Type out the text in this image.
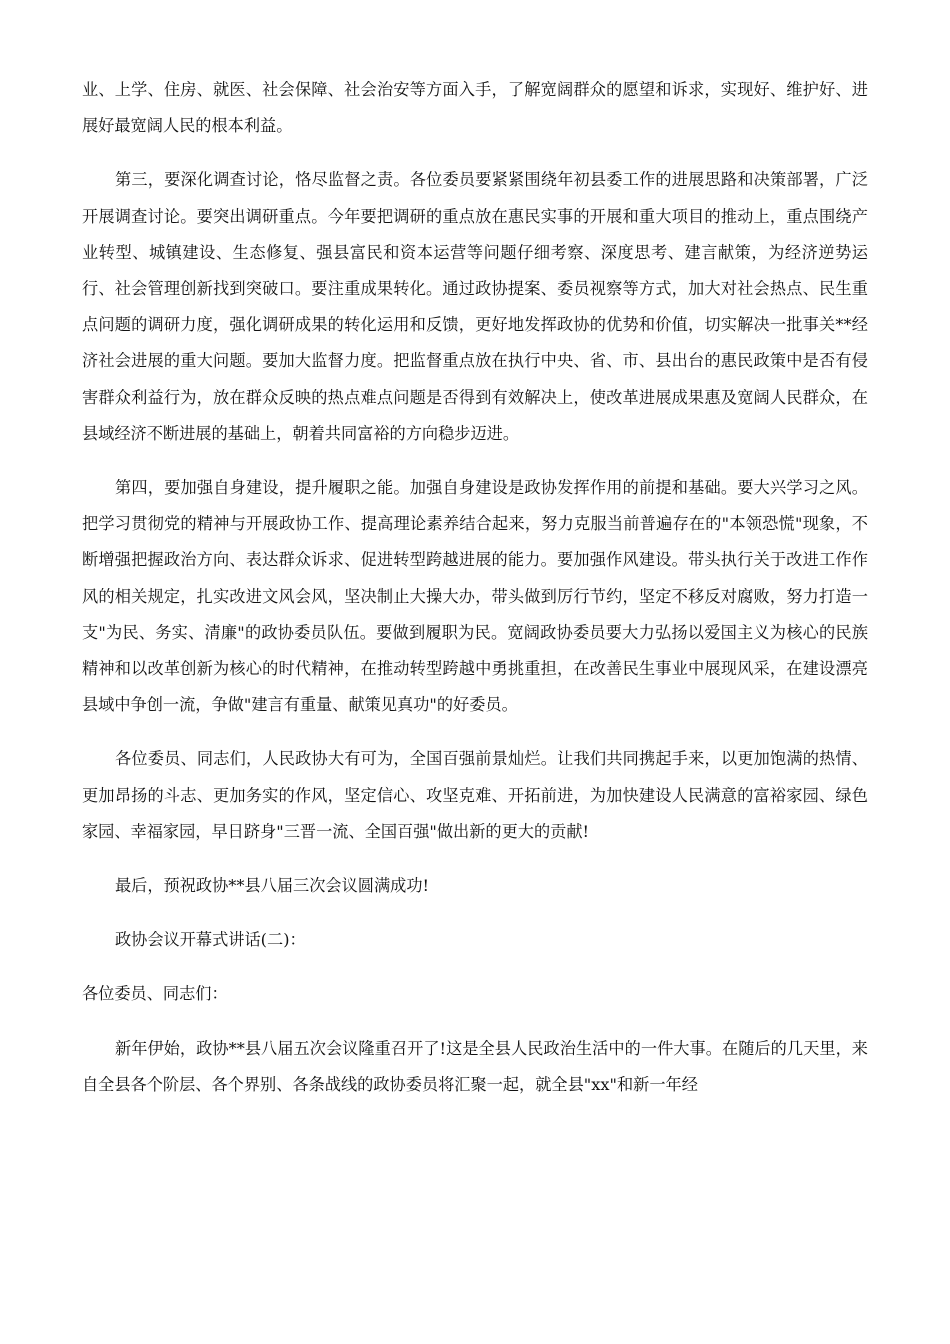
业、上学、住房、就医、社会保障、社会治安等方面入手，了解宽阔群众的愿望和诉求，实现好、维护好、进展好最宽阔人民的根本利益。

第三，要深化调查讨论，恪尽监督之责。各位委员要紧紧围绕年初县委工作的进展思路和决策部署，广泛开展调查讨论。要突出调研重点。今年要把调研的重点放在惠民实事的开展和重大项目的推动上，重点围绕产业转型、城镇建设、生态修复、强县富民和资本运营等问题仔细考察、深度思考、建言献策，为经济逆势运行、社会管理创新找到突破口。要注重成果转化。通过政协提案、委员视察等方式，加大对社会热点、民生重点问题的调研力度，强化调研成果的转化运用和反馈，更好地发挥政协的优势和价值，切实解决一批事关**经济社会进展的重大问题。要加大监督力度。把监督重点放在执行中央、省、市、县出台的惠民政策中是否有侵害群众利益行为，放在群众反映的热点难点问题是否得到有效解决上，使改革进展成果惠及宽阔人民群众，在县域经济不断进展的基础上，朝着共同富裕的方向稳步迈进。

第四，要加强自身建设，提升履职之能。加强自身建设是政协发挥作用的前提和基础。要大兴学习之风。把学习贯彻党的精神与开展政协工作、提高理论素养结合起来，努力克服当前普遍存在的"本领恐慌"现象，不断增强把握政治方向、表达群众诉求、促进转型跨越进展的能力。要加强作风建设。带头执行关于改进工作作风的相关规定，扎实改进文风会风，坚决制止大操大办，带头做到厉行节约，坚定不移反对腐败，努力打造一支"为民、务实、清廉"的政协委员队伍。要做到履职为民。宽阔政协委员要大力弘扬以爱国主义为核心的民族精神和以改革创新为核心的时代精神，在推动转型跨越中勇挑重担，在改善民生事业中展现风采，在建设漂亮县域中争创一流，争做"建言有重量、献策见真功"的好委员。

各位委员、同志们，人民政协大有可为，全国百强前景灿烂。让我们共同携起手来，以更加饱满的热情、更加昂扬的斗志、更加务实的作风，坚定信心、攻坚克难、开拓前进，为加快建设人民满意的富裕家园、绿色家园、幸福家园，早日跻身"三晋一流、全国百强"做出新的更大的贡献!

最后，预祝政协**县八届三次会议圆满成功!

政协会议开幕式讲话(二)：

各位委员、同志们：

新年伊始，政协**县八届五次会议隆重召开了!这是全县人民政治生活中的一件大事。在随后的几天里，来自全县各个阶层、各个界别、各条战线的政协委员将汇聚一起，就全县"xx"和新一年经
